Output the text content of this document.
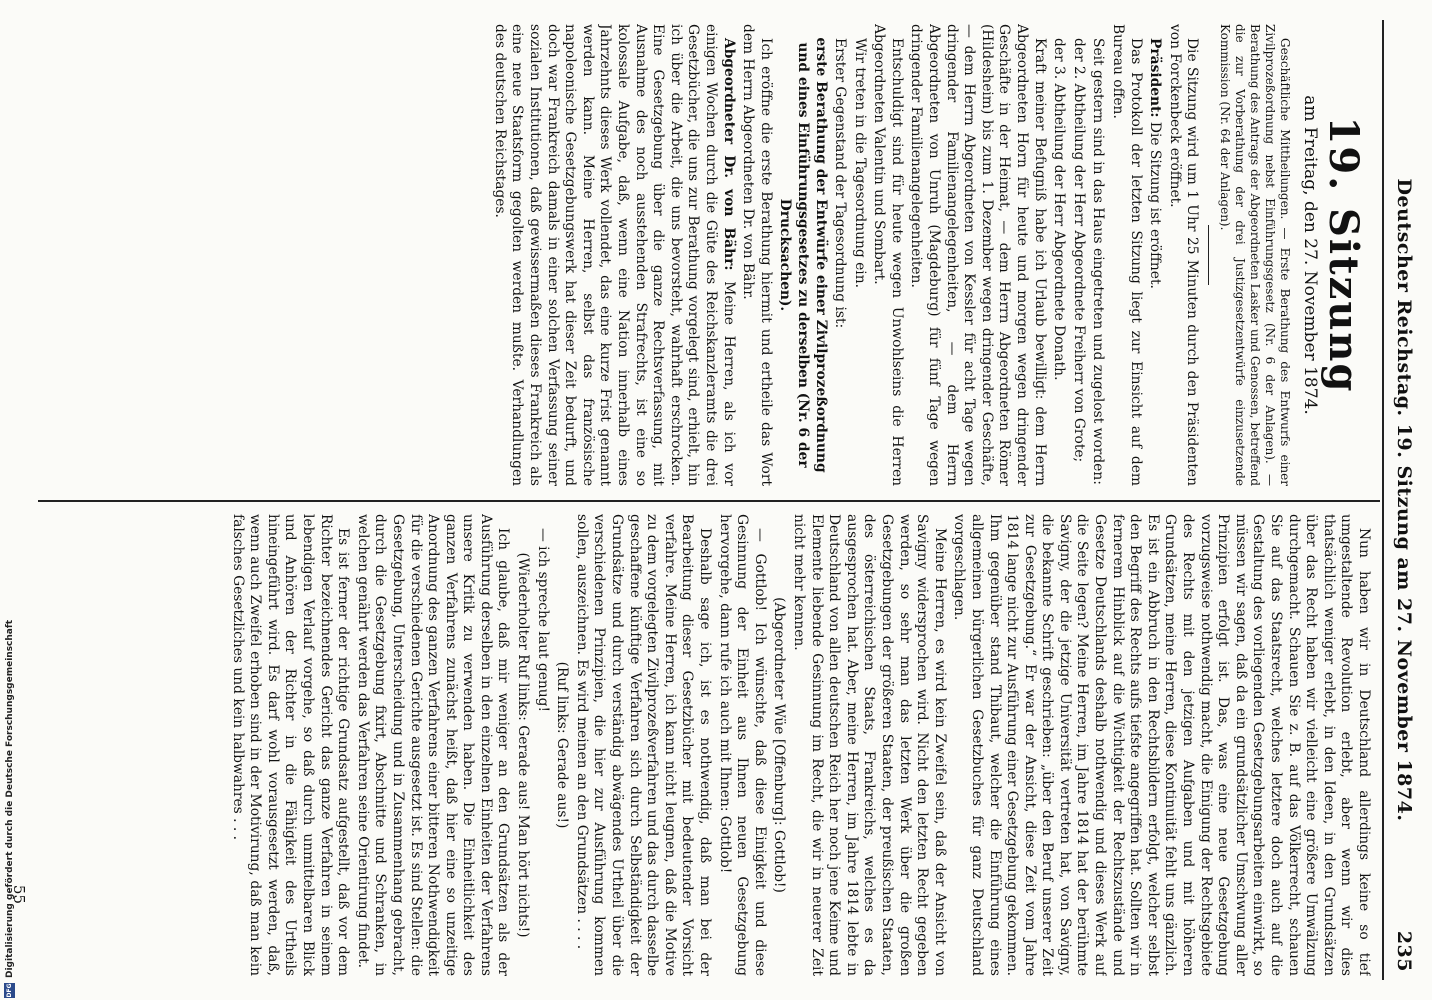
Deutscher Reichstag. 19. Sitzung am 27. November 1874.
235
19. Sitzung
am Freitag, den 27. November 1874.

Geschäftliche Mittheilungen. — Erste Berathung des Entwurfs einer Zivilprozeßordnung nebst Einführungsgesetz (Nr. 6 der Anlagen). — Berathung des Antrags der Abgeordneten Lasker und Genossen, betreffend die zur Vorberathung der drei Justizgesetzentwürfe einzusetzende Kommission (Nr. 64 der Anlagen).

Die Sitzung wird um 1 Uhr 25 Minuten durch den Präsidenten von Forckenbeck eröffnet.

Präsident: Die Sitzung ist eröffnet.

Das Protokoll der letzten Sitzung liegt zur Einsicht auf dem Bureau offen.

Seit gestern sind in das Haus eingetreten und zugelost worden:

der 2. Abtheilung der Herr Abgeordnete Freiherr von Grote;

der 3. Abtheilung der Herr Abgeordnete Donath.

Kraft meiner Befugniß habe ich Urlaub bewilligt: dem Herrn Abgeordneten Horn für heute und morgen wegen dringender Geschäfte in der Heimat, — dem Herrn Abgeordneten Römer (Hildesheim) bis zum 1. Dezember wegen dringender Geschäfte, — dem Herrn Abgeordneten von Kessler für acht Tage wegen dringender Familienangelegenheiten, — dem Herrn Abgeordneten von Unruh (Magdeburg) für fünf Tage wegen dringender Familienangelegenheiten.

Entschuldigt sind für heute wegen Unwohlseins die Herren Abgeordneten Valentin und Sombart.

Wir treten in die Tagesordnung ein.

Erster Gegenstand der Tagesordnung ist:

erste Berathung der Entwürfe einer Zivilprozeßordnung und eines Einführungsgesetzes zu derselben (Nr. 6 der Drucksachen).

Ich eröffne die erste Berathung hiermit und ertheile das Wort dem Herrn Abgeordneten Dr. von Bähr.

Abgeordneter Dr. von Bähr: Meine Herren, als ich vor einigen Wochen durch die Güte des Reichskanzleramts die drei Gesetzbücher, die uns zur Berathung vorgelegt sind, erhielt, hin ich über die Arbeit, die uns bevorsteht, wahrhaft erschrocken. Eine Gesetzgebung über die ganze Rechtsverfassung, mit Ausnahme des noch ausstehenden Strafrechts, ist eine so kolossale Aufgabe, daß, wenn eine Nation innerhalb eines Jahrzehnts dieses Werk vollendet, das eine kurze Frist genannt werden kann. Meine Herren, selbst das französische napoleonische Gesetzgebungswerk hat dieser Zeit bedurft, und doch war Frankreich damals in einer solchen Verfassung seiner sozialen Institutionen, daß gewissermaßen dieses Frankreich als eine neue Staatsform gegolten werden mußte. Verhandlungen des deutschen Reichstages.

Nun haben wir in Deutschland allerdings keine so tief umgestaltende Revolution erlebt, aber wenn wir dies thatsächlich weniger erlebt, in den Ideen, in den Grundsätzen über das Recht haben wir vielleicht eine größere Umwälzung durchgemacht. Schauen Sie z. B. auf das Völkerrecht, schauen Sie auf das Staatsrecht, welches letztere doch auch auf die Gestaltung des vorliegenden Gesetzgebungsarbeiten einwirkt, so müssen wir sagen, daß da ein grundsätzlicher Umschwung aller Prinzipien erfolgt ist. Das, was eine neue Gesetzgebung vorzugsweise nothwendig macht, die Einigung der Rechtsgebiete des Rechts mit den jetzigen Aufgaben und mit höheren Grundsätzen, meine Herren, diese Kontinuität fehlt uns gänzlich. Es ist ein Abbruch in den Rechtsbildern erfolgt, welcher selbst den Begriff des Rechts aufs tiefste angegriffen hat. Sollten wir in fernerem Hinblick auf die Wichtigkeit der Rechtszustände und Gesetze Deutschlands deshalb nothwendig und dieses Werk auf die Seite legen? Meine Herren, im Jahre 1814 hat der berühmte Savigny, der die jetzige Universität vertreten hat, von Savigny, die bekannte Schrift geschrieben: „über den Beruf unserer Zeit zur Gesetzgebung.“ Er war der Ansicht, diese Zeit vom Jahre 1814 lange nicht zur Ausführung einer Gesetzgebung gekommen. Ihm gegenüber stand Thibaut, welcher die Einführung eines allgemeinen bürgerlichen Gesetzbuches für ganz Deutschland vorgeschlagen.

Meine Herren, es wird kein Zweifel sein, daß der Ansicht von Savigny widersprochen wird. Nicht den letzten Recht gegeben werden, so sehr man das letzten Werk über die großen Gesetzgebungen der größeren Staaten, der preußischen Staaten, des österreichischen Staats, Frankreichs, welches es da ausgesprochen hat. Aber, meine Herren, im Jahre 1814 lebte in Deutschland von allen deutschen Reich her noch jene Keime und Elemente liebende Gesinnung im Recht, die wir in neuerer Zeit nicht mehr kennen.

(Abgeordneter Wüe [Offenburg]: Gottlob!)

— Gottlob! Ich wünschte, daß diese Einigkeit und diese Gesinnung der Einheit aus Ihnen neuen Gesetzgebung hervorgehe, dann rufe ich auch mit Ihnen: Gottlob!

Deshalb sage ich, ist es nothwendig, daß man bei der Bearbeitung dieser Gesetzbücher mit bedeutender Vorsicht verfahre. Meine Herren, ich kann nicht leugnen, daß die Motive zu dem vorgelegten Zivilprozeßverfahren und das durch dasselbe geschaffene künftige Verfahren sich durch Selbständigkeit der Grundsätze und durch verständig abwägendes Urtheil über die verschiedenen Prinzipien, die hier zur Ausführung kommen sollen, auszeichnen. Es wird meinen an den Grundsätzen . . . .

(Ruf links: Gerade aus!)

— ich spreche laut genug!

(Wiederholter Ruf links: Gerade aus! Man hört nichts!)

Ich glaube, daß mir weniger an den Grundsätzen als der Ausführung derselben in den einzelnen Einheiten der Verfahrens unsere Kritik zu verwenden haben. Die Einheitlichkeit des ganzen Verfahrens zunächst heißt, daß hier eine so unzeitige Anordnung des ganzen Verfahrens einer bitteren Nothwendigkeit für die verschiedenen Gerichte ausgesetzt ist. Es sind Stellen: die Gesetzgebung, Unterscheidung und in Zusammenhang gebracht, durch die Gesetzgebung fixirt, Abschnitte und Schranken, in welchen genährt werden das Verfahren seine Orientirung findet.

Es ist ferner der richtige Grundsatz aufgestellt, daß vor dem Richter bezeichnendes Gericht das ganze Verfahren in seinem lebendigen Verlauf vorgehe, so daß durch unmittelbaren Blick und Anhören der Richter in die Fähigkeit des Urtheils hineingeführt wird. Es darf wohl vorausgesetzt werden, daß, wenn auch Zweifel erhoben sind in der Motivirung, daß man kein falsches Gesetzliches und kein halbwahres . . .

55
DFG
Digitalisierung gefördert durch die Deutsche Forschungsgemeinschaft
